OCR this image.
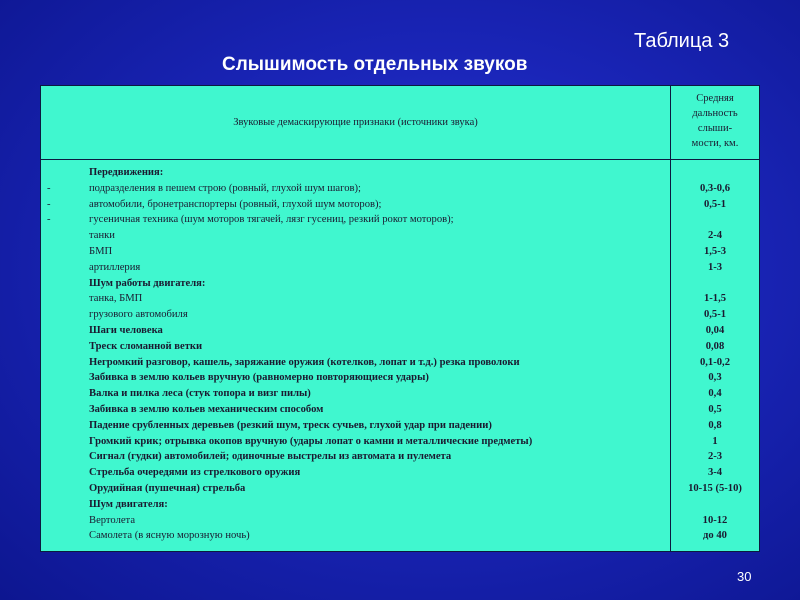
Таблица 3
Слышимость отдельных звуков
Звуковые демаскирующие признаки (источники звука)
Средняя
дальность
слыши-
мости, км.
Передвижения:
-	подразделения в пешем строю (ровный, глухой шум шагов);	0,3-0,6
-	автомобили, бронетранспортеры (ровный, глухой шум моторов);	0,5-1
-	гусеничная техника (шум моторов тягачей, лязг гусениц, резкий рокот моторов);
танки	2-4
БМП	1,5-3
артиллерия	1-3
Шум работы двигателя:
танка, БМП	1-1,5
грузового автомобиля	0,5-1
Шаги человека	0,04
Треск сломанной ветки	0,08
Негромкий разговор, кашель, заряжание оружия (котелков, лопат и т.д.) резка проволоки	0,1-0,2
Забивка в землю кольев вручную (равномерно повторяющиеся удары)	0,3
Валка и пилка леса (стук топора и визг пилы)	0,4
Забивка в землю кольев механическим способом	0,5
Падение срубленных деревьев (резкий шум, треск сучьев, глухой удар при падении)	0,8
Громкий крик; отрывка окопов вручную (удары лопат о камни и металлические предметы)	1
Сигнал (гудки) автомобилей; одиночные выстрелы из автомата и пулемета	2-3
Стрельба очередями из стрелкового оружия	3-4
Орудийная (пушечная) стрельба	10-15 (5-10)
Шум двигателя:
Вертолета	10-12
Самолета (в ясную морозную ночь)	до 40
30
